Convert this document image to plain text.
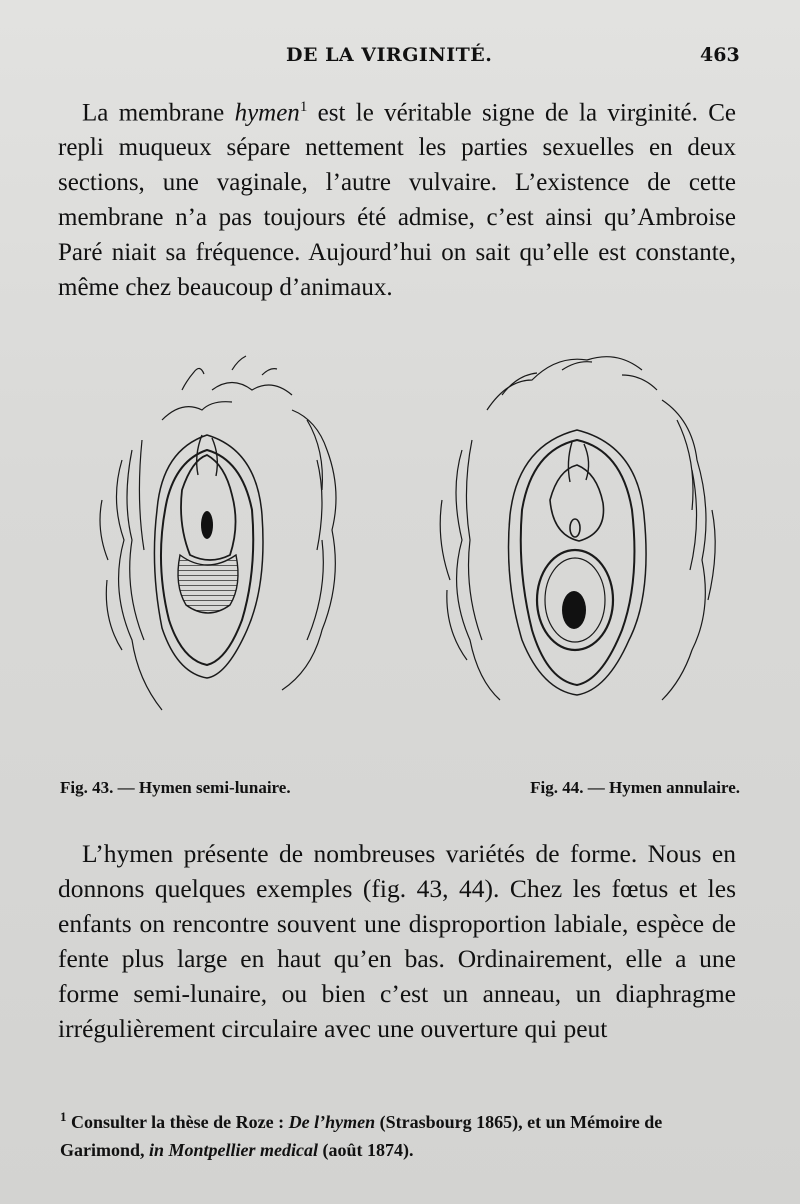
DE LA VIRGINITÉ.	463

La membrane hymen$^1$ est le véritable signe de la virginité. Ce repli muqueux sépare nettement les parties sexuelles en deux sections, une vaginale, l’autre vulvaire. L’existence de cette membrane n’a pas toujours été admise, c’est ainsi qu’Ambroise Paré niait sa fréquence. Aujourd’hui on sait qu’elle est constante, même chez beaucoup d’animaux.

Fig. 43. — Hymen semi-lunaire.	Fig. 44. — Hymen annulaire.

L’hymen présente de nombreuses variétés de forme. Nous en donnons quelques exemples (fig. 43, 44). Chez les fœtus et les enfants on rencontre souvent une disproportion labiale, espèce de fente plus large en haut qu’en bas. Ordinairement, elle a une forme semi-lunaire, ou bien c’est un anneau, un diaphragme irrégulièrement circulaire avec une ouverture qui peut

$^1$ Consulter la thèse de Roze : De l’hymen (Strasbourg 1865), et un Mémoire de Garimond, in Montpellier medical (août 1874).
